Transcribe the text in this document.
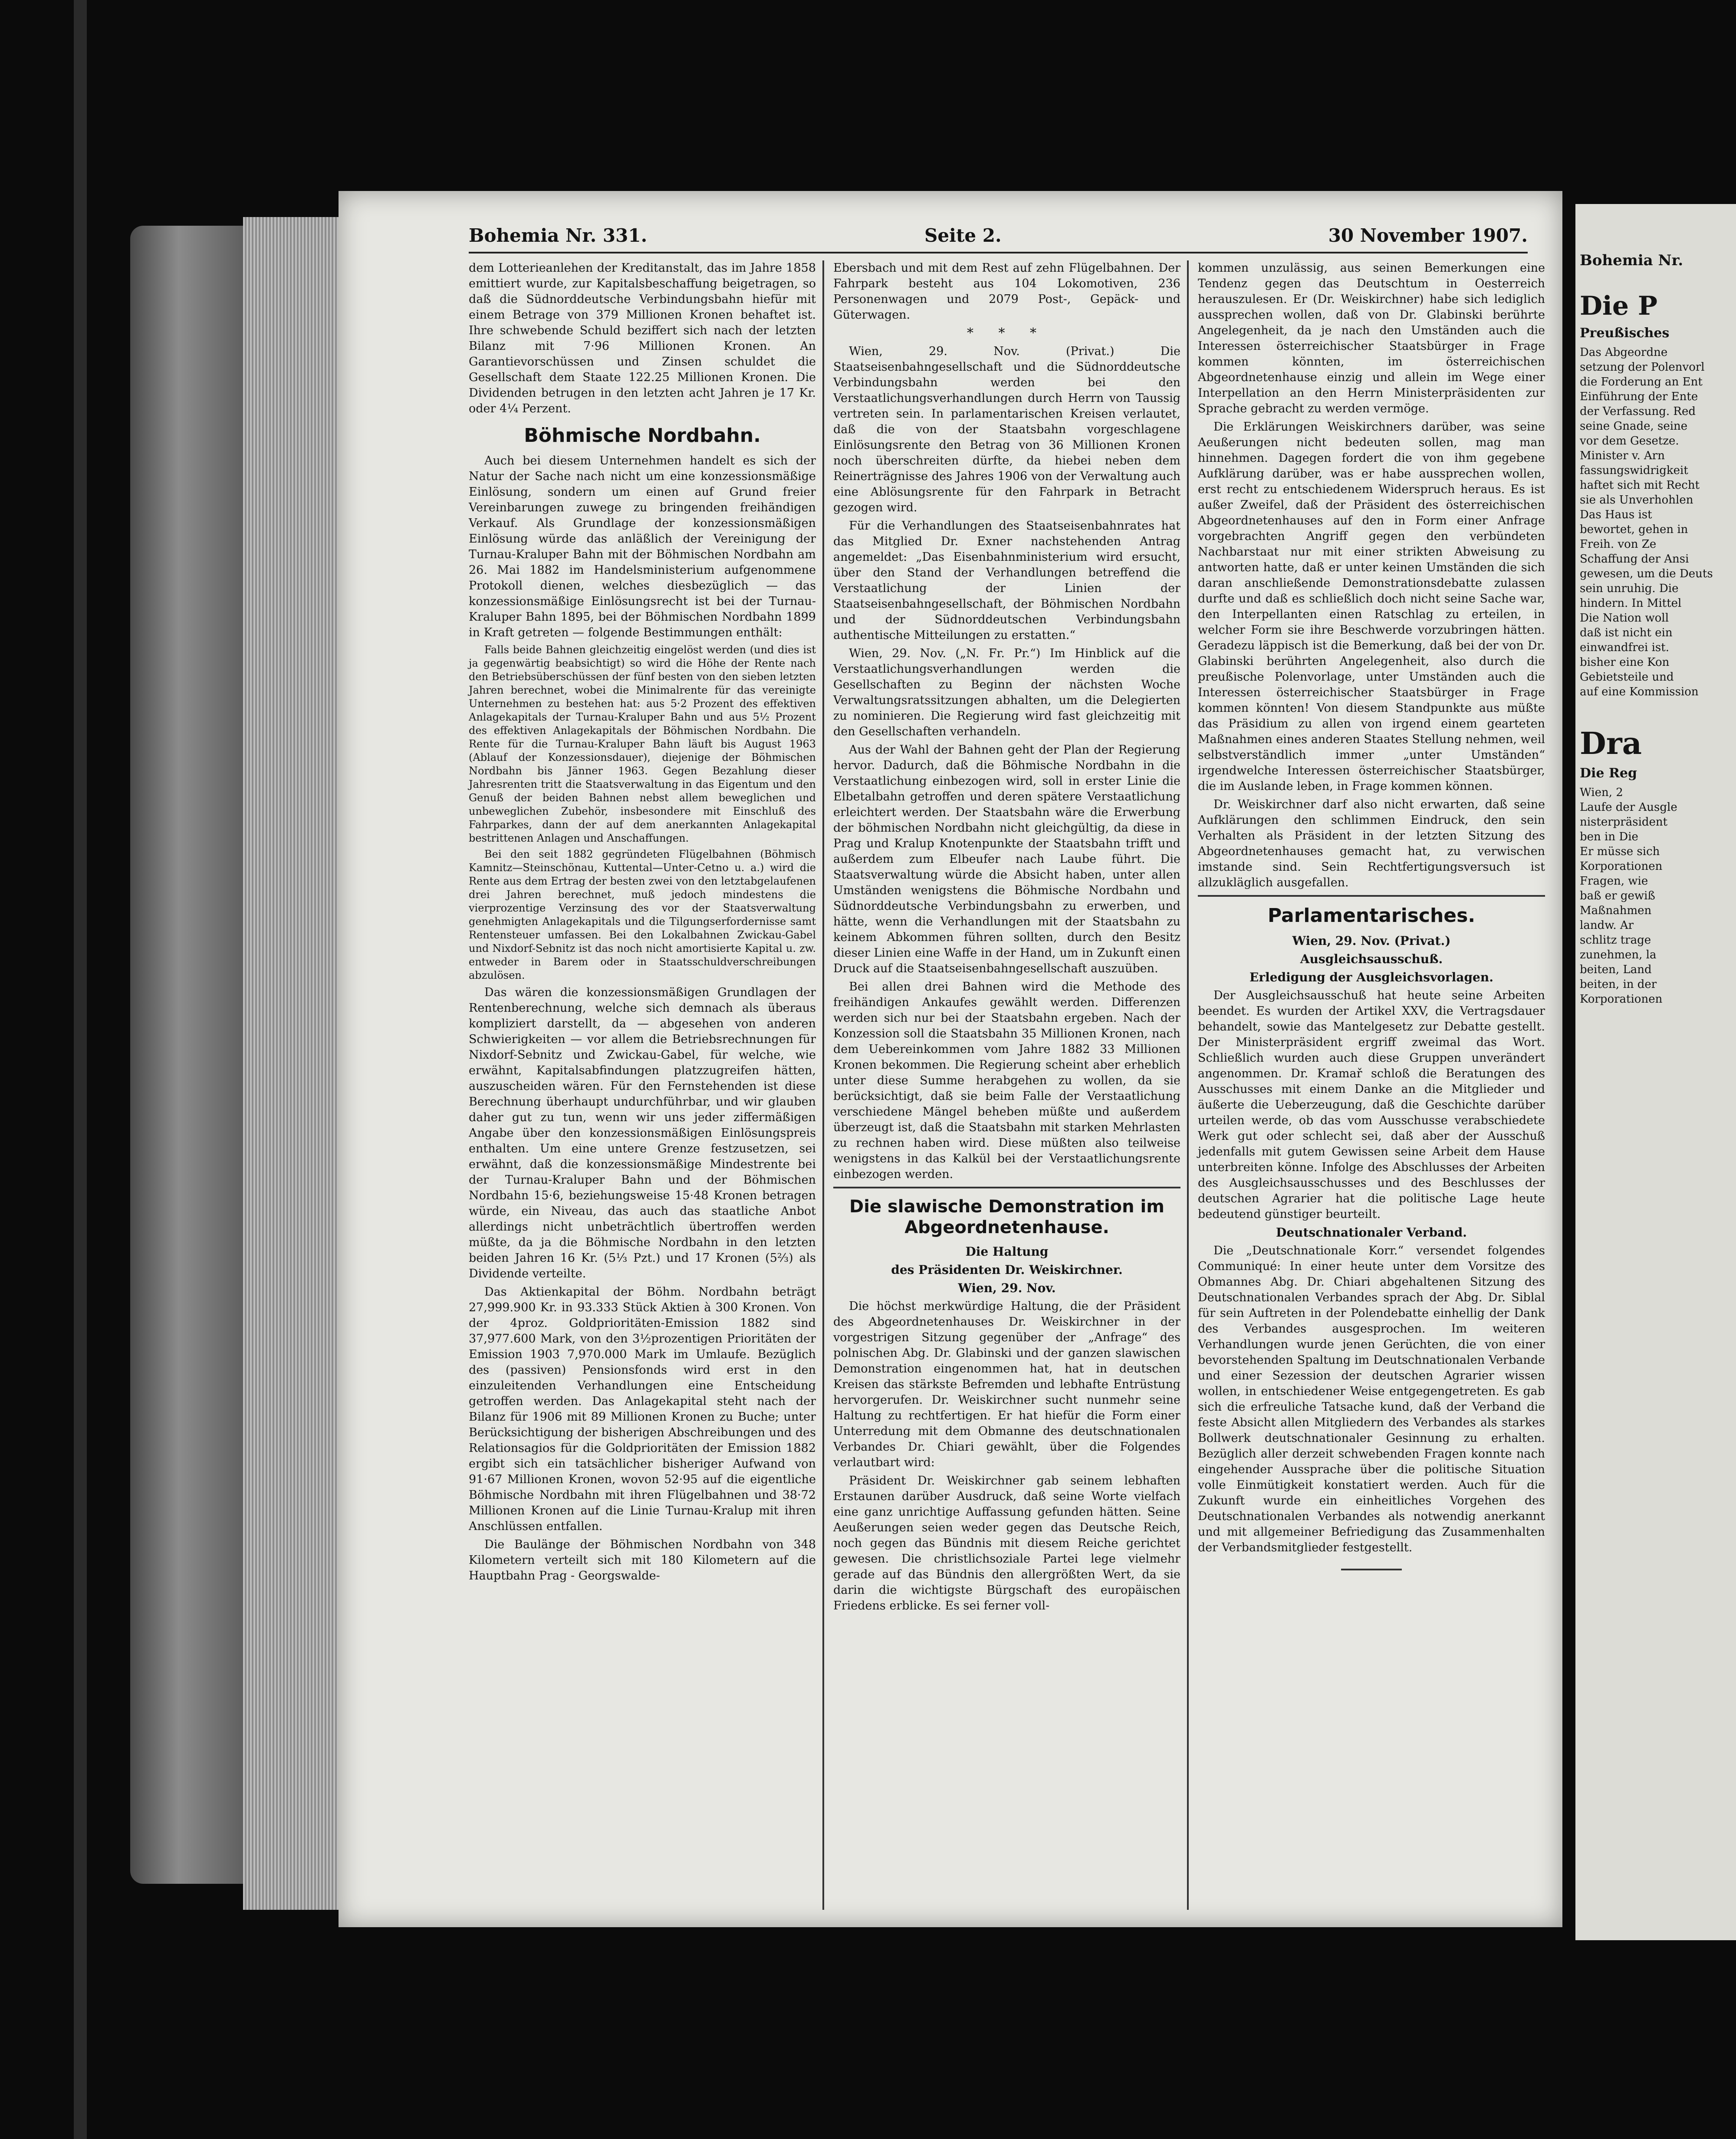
Bohemia Nr. 331.	Seite 2.	30 November 1907.

dem Lotterieanlehen der Kreditanstalt, das im Jahre 1858 emittiert wurde, zur Kapitalsbeschaffung beigetragen, so daß die Südnorddeutsche Verbindungsbahn hiefür mit einem Betrage von 379 Millionen Kronen behaftet ist. Ihre schwebende Schuld beziffert sich nach der letzten Bilanz mit 7·96 Millionen Kronen. An Garantievorschüssen und Zinsen schuldet die Gesellschaft dem Staate 122.25 Millionen Kronen. Die Dividenden betrugen in den letzten acht Jahren je 17 Kr. oder 4¼ Perzent.

Böhmische Nordbahn.

Auch bei diesem Unternehmen handelt es sich der Natur der Sache nach nicht um eine konzessionsmäßige Einlösung, sondern um einen auf Grund freier Vereinbarungen zuwege zu bringenden freihändigen Verkauf. Als Grundlage der konzessionsmäßigen Einlösung würde das anläßlich der Vereinigung der Turnau-Kraluper Bahn mit der Böhmischen Nordbahn am 26. Mai 1882 im Handelsministerium aufgenommene Protokoll dienen, welches diesbezüglich — das konzessionsmäßige Einlösungsrecht ist bei der Turnau-Kraluper Bahn 1895, bei der Böhmischen Nordbahn 1899 in Kraft getreten — folgende Bestimmungen enthält:

Falls beide Bahnen gleichzeitig eingelöst werden (und dies ist ja gegenwärtig beabsichtigt) so wird die Höhe der Rente nach den Betriebsüberschüssen der fünf besten von den sieben letzten Jahren berechnet, wobei die Minimalrente für das vereinigte Unternehmen zu bestehen hat: aus 5·2 Prozent des effektiven Anlagekapitals der Turnau-Kraluper Bahn und aus 5½ Prozent des effektiven Anlagekapitals der Böhmischen Nordbahn. Die Rente für die Turnau-Kraluper Bahn läuft bis August 1963 (Ablauf der Konzessionsdauer), diejenige der Böhmischen Nordbahn bis Jänner 1963. Gegen Bezahlung dieser Jahresrenten tritt die Staatsverwaltung in das Eigentum und den Genuß der beiden Bahnen nebst allem beweglichen und unbeweglichen Zubehör, insbesondere mit Einschluß des Fahrparkes, dann der auf dem anerkannten Anlagekapital bestrittenen Anlagen und Anschaffungen.

Bei den seit 1882 gegründeten Flügelbahnen (Böhmisch Kamnitz—Steinschönau, Kuttental—Unter-Cetno u. a.) wird die Rente aus dem Ertrag der besten zwei von den letztabgelaufenen drei Jahren berechnet, muß jedoch mindestens die vierprozentige Verzinsung des vor der Staatsverwaltung genehmigten Anlagekapitals und die Tilgungserfordernisse samt Rentensteuer umfassen. Bei den Lokalbahnen Zwickau-Gabel und Nixdorf-Sebnitz ist das noch nicht amortisierte Kapital u. zw. entweder in Barem oder in Staatsschuldverschreibungen abzulösen.

Das wären die konzessionsmäßigen Grundlagen der Rentenberechnung, welche sich demnach als überaus kompliziert darstellt, da — abgesehen von anderen Schwierigkeiten — vor allem die Betriebsrechnungen für Nixdorf-Sebnitz und Zwickau-Gabel, für welche, wie erwähnt, Kapitalsabfindungen platzzugreifen hätten, auszuscheiden wären. Für den Fernstehenden ist diese Berechnung überhaupt undurchführbar, und wir glauben daher gut zu tun, wenn wir uns jeder ziffermäßigen Angabe über den konzessionsmäßigen Einlösungspreis enthalten. Um eine untere Grenze festzusetzen, sei erwähnt, daß die konzessionsmäßige Mindestrente bei der Turnau-Kraluper Bahn und der Böhmischen Nordbahn 15·6, beziehungsweise 15·48 Kronen betragen würde, ein Niveau, das auch das staatliche Anbot allerdings nicht unbeträchtlich übertroffen werden müßte, da ja die Böhmische Nordbahn in den letzten beiden Jahren 16 Kr. (5⅓ Pzt.) und 17 Kronen (5⅔) als Dividende verteilte.

Das Aktienkapital der Böhm. Nordbahn beträgt 27,999.900 Kr. in 93.333 Stück Aktien à 300 Kronen. Von der 4proz. Goldprioritäten-Emission 1882 sind 37,977.600 Mark, von den 3½prozentigen Prioritäten der Emission 1903 7,970.000 Mark im Umlaufe. Bezüglich des (passiven) Pensionsfonds wird erst in den einzuleitenden Verhandlungen eine Entscheidung getroffen werden. Das Anlagekapital steht nach der Bilanz für 1906 mit 89 Millionen Kronen zu Buche; unter Berücksichtigung der bisherigen Abschreibungen und des Relationsagios für die Goldprioritäten der Emission 1882 ergibt sich ein tatsächlicher bisheriger Aufwand von 91·67 Millionen Kronen, wovon 52·95 auf die eigentliche Böhmische Nordbahn mit ihren Flügelbahnen und 38·72 Millionen Kronen auf die Linie Turnau-Kralup mit ihren Anschlüssen entfallen.

Die Baulänge der Böhmischen Nordbahn von 348 Kilometern verteilt sich mit 180 Kilometern auf die Hauptbahn Prag - Georgswalde-

Ebersbach und mit dem Rest auf zehn Flügelbahnen. Der Fahrpark besteht aus 104 Lokomotiven, 236 Personenwagen und 2079 Post-, Gepäck- und Güterwagen.

* * *

Wien, 29. Nov. (Privat.) Die Staatseisenbahngesellschaft und die Südnorddeutsche Verbindungsbahn werden bei den Verstaatlichungsverhandlungen durch Herrn von Taussig vertreten sein. In parlamentarischen Kreisen verlautet, daß die von der Staatsbahn vorgeschlagene Einlösungsrente den Betrag von 36 Millionen Kronen noch überschreiten dürfte, da hiebei neben dem Reinerträgnisse des Jahres 1906 von der Verwaltung auch eine Ablösungsrente für den Fahrpark in Betracht gezogen wird.

Für die Verhandlungen des Staatseisenbahnrates hat das Mitglied Dr. Exner nachstehenden Antrag angemeldet: „Das Eisenbahnministerium wird ersucht, über den Stand der Verhandlungen betreffend die Verstaatlichung der Linien der Staatseisenbahngesellschaft, der Böhmischen Nordbahn und der Südnorddeutschen Verbindungsbahn authentische Mitteilungen zu erstatten.“

Wien, 29. Nov. („N. Fr. Pr.“) Im Hinblick auf die Verstaatlichungsverhandlungen werden die Gesellschaften zu Beginn der nächsten Woche Verwaltungsratssitzungen abhalten, um die Delegierten zu nominieren. Die Regierung wird fast gleichzeitig mit den Gesellschaften verhandeln.

Aus der Wahl der Bahnen geht der Plan der Regierung hervor. Dadurch, daß die Böhmische Nordbahn in die Verstaatlichung einbezogen wird, soll in erster Linie die Elbetalbahn getroffen und deren spätere Verstaatlichung erleichtert werden. Der Staatsbahn wäre die Erwerbung der böhmischen Nordbahn nicht gleichgültig, da diese in Prag und Kralup Knotenpunkte der Staatsbahn trifft und außerdem zum Elbeufer nach Laube führt. Die Staatsverwaltung würde die Absicht haben, unter allen Umständen wenigstens die Böhmische Nordbahn und Südnorddeutsche Verbindungsbahn zu erwerben, und hätte, wenn die Verhandlungen mit der Staatsbahn zu keinem Abkommen führen sollten, durch den Besitz dieser Linien eine Waffe in der Hand, um in Zukunft einen Druck auf die Staatseisenbahngesellschaft auszuüben.

Bei allen drei Bahnen wird die Methode des freihändigen Ankaufes gewählt werden. Differenzen werden sich nur bei der Staatsbahn ergeben. Nach der Konzession soll die Staatsbahn 35 Millionen Kronen, nach dem Uebereinkommen vom Jahre 1882 33 Millionen Kronen bekommen. Die Regierung scheint aber erheblich unter diese Summe herabgehen zu wollen, da sie berücksichtigt, daß sie beim Falle der Verstaatlichung verschiedene Mängel beheben müßte und außerdem überzeugt ist, daß die Staatsbahn mit starken Mehrlasten zu rechnen haben wird. Diese müßten also teilweise wenigstens in das Kalkül bei der Verstaatlichungsrente einbezogen werden.

Die slawische Demonstration im Abgeordnetenhause.
Die Haltung
des Präsidenten Dr. Weiskirchner.
Wien, 29. Nov.

Die höchst merkwürdige Haltung, die der Präsident des Abgeordnetenhauses Dr. Weiskirchner in der vorgestrigen Sitzung gegenüber der „Anfrage“ des polnischen Abg. Dr. Glabinski und der ganzen slawischen Demonstration eingenommen hat, hat in deutschen Kreisen das stärkste Befremden und lebhafte Entrüstung hervorgerufen. Dr. Weiskirchner sucht nunmehr seine Haltung zu rechtfertigen. Er hat hiefür die Form einer Unterredung mit dem Obmanne des deutschnationalen Verbandes Dr. Chiari gewählt, über die Folgendes verlautbart wird:

Präsident Dr. Weiskirchner gab seinem lebhaften Erstaunen darüber Ausdruck, daß seine Worte vielfach eine ganz unrichtige Auffassung gefunden hätten. Seine Aeußerungen seien weder gegen das Deutsche Reich, noch gegen das Bündnis mit diesem Reiche gerichtet gewesen. Die christlichsoziale Partei lege vielmehr gerade auf das Bündnis den allergrößten Wert, da sie darin die wichtigste Bürgschaft des europäischen Friedens erblicke. Es sei ferner voll-

kommen unzulässig, aus seinen Bemerkungen eine Tendenz gegen das Deutschtum in Oesterreich herauszulesen. Er (Dr. Weiskirchner) habe sich lediglich aussprechen wollen, daß von Dr. Glabinski berührte Angelegenheit, da je nach den Umständen auch die Interessen österreichischer Staatsbürger in Frage kommen könnten, im österreichischen Abgeordnetenhause einzig und allein im Wege einer Interpellation an den Herrn Ministerpräsidenten zur Sprache gebracht zu werden vermöge.

Die Erklärungen Weiskirchners darüber, was seine Aeußerungen nicht bedeuten sollen, mag man hinnehmen. Dagegen fordert die von ihm gegebene Aufklärung darüber, was er habe aussprechen wollen, erst recht zu entschiedenem Widerspruch heraus. Es ist außer Zweifel, daß der Präsident des österreichischen Abgeordnetenhauses auf den in Form einer Anfrage vorgebrachten Angriff gegen den verbündeten Nachbarstaat nur mit einer strikten Abweisung zu antworten hatte, daß er unter keinen Umständen die sich daran anschließende Demonstrationsdebatte zulassen durfte und daß es schließlich doch nicht seine Sache war, den Interpellanten einen Ratschlag zu erteilen, in welcher Form sie ihre Beschwerde vorzubringen hätten. Geradezu läppisch ist die Bemerkung, daß bei der von Dr. Glabinski berührten Angelegenheit, also durch die preußische Polenvorlage, unter Umständen auch die Interessen österreichischer Staatsbürger in Frage kommen könnten! Von diesem Standpunkte aus müßte das Präsidium zu allen von irgend einem gearteten Maßnahmen eines anderen Staates Stellung nehmen, weil selbstverständlich immer „unter Umständen“ irgendwelche Interessen österreichischer Staatsbürger, die im Auslande leben, in Frage kommen können.

Dr. Weiskirchner darf also nicht erwarten, daß seine Aufklärungen den schlimmen Eindruck, den sein Verhalten als Präsident in der letzten Sitzung des Abgeordnetenhauses gemacht hat, zu verwischen imstande sind. Sein Rechtfertigungsversuch ist allzukläglich ausgefallen.

Parlamentarisches.
Wien, 29. Nov. (Privat.)
Ausgleichsausschuß.
Erledigung der Ausgleichsvorlagen.

Der Ausgleichsausschuß hat heute seine Arbeiten beendet. Es wurden der Artikel XXV, die Vertragsdauer behandelt, sowie das Mantelgesetz zur Debatte gestellt. Der Ministerpräsident ergriff zweimal das Wort. Schließlich wurden auch diese Gruppen unverändert angenommen. Dr. Kramař schloß die Beratungen des Ausschusses mit einem Danke an die Mitglieder und äußerte die Ueberzeugung, daß die Geschichte darüber urteilen werde, ob das vom Ausschusse verabschiedete Werk gut oder schlecht sei, daß aber der Ausschuß jedenfalls mit gutem Gewissen seine Arbeit dem Hause unterbreiten könne. Infolge des Abschlusses der Arbeiten des Ausgleichsausschusses und des Beschlusses der deutschen Agrarier hat die politische Lage heute bedeutend günstiger beurteilt.

Deutschnationaler Verband.

Die „Deutschnationale Korr.“ versendet folgendes Communiqué: In einer heute unter dem Vorsitze des Obmannes Abg. Dr. Chiari abgehaltenen Sitzung des Deutschnationalen Verbandes sprach der Abg. Dr. Siblal für sein Auftreten in der Polendebatte einhellig der Dank des Verbandes ausgesprochen. Im weiteren Verhandlungen wurde jenen Gerüchten, die von einer bevorstehenden Spaltung im Deutschnationalen Verbande und einer Sezession der deutschen Agrarier wissen wollen, in entschiedener Weise entgegengetreten. Es gab sich die erfreuliche Tatsache kund, daß der Verband die feste Absicht allen Mitgliedern des Verbandes als starkes Bollwerk deutschnationaler Gesinnung zu erhalten. Bezüglich aller derzeit schwebenden Fragen konnte nach eingehender Aussprache über die politische Situation volle Einmütigkeit konstatiert werden. Auch für die Zukunft wurde ein einheitliches Vorgehen des Deutschnationalen Verbandes als notwendig anerkannt und mit allgemeiner Befriedigung das Zusammenhalten der Verbandsmitglieder festgestellt.

Bohemia Nr.
Die P
Preußisches
Das Abgeordne
setzung der Polenvorl
die Forderung an Ent
Einführung der Ente
der Verfassung. Red
seine Gnade, seine
vor dem Gesetze.
Minister v. Arn
fassungswidrigkeit
haftet sich mit Recht
sie als Unverhohlen
Das Haus ist
bewortet, gehen in
Freih. von Ze
Schaffung der Ansi
gewesen, um die Deuts
sein unruhig. Die
hindern. In Mittel
Die Nation woll
daß ist nicht ein
einwandfrei ist.
bisher eine Kon
Gebietsteile und
auf eine Kommission
Dra
Die Reg
Wien, 2
Laufe der Ausgle
nisterpräsident
ben in Die
Er müsse sich
Korporationen
Fragen, wie
baß er gewiß
Maßnahmen
landw. Ar
schlitz trage
zunehmen, la
beiten, Land
beiten, in der
Korporationen
